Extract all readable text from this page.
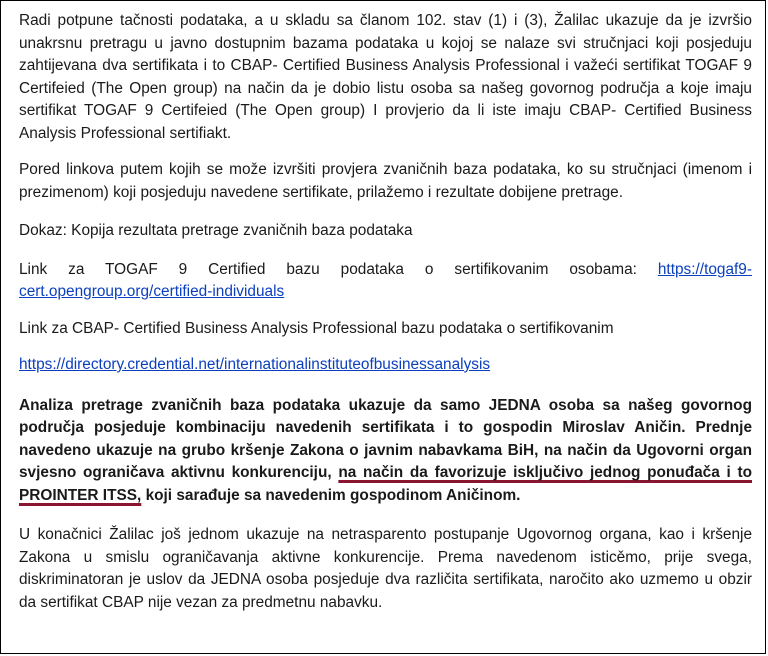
Radi potpune tačnosti podataka, a u skladu sa članom 102. stav (1) i (3), Žalilac ukazuje da je izvršio unakrsnu pretragu u javno dostupnim bazama podataka u kojoj se nalaze svi stručnjaci koji posjeduju zahtijevana dva sertifikata i to CBAP- Certified Business Analysis Professional i važeći sertifikat TOGAF 9 Certifeied (The Open group) na način da je dobio listu osoba sa našeg govornog područja a koje imaju sertifikat TOGAF 9 Certifeied (The Open group) I provjerio da li iste imaju CBAP- Certified Business Analysis Professional sertifiakt.

Pored linkova putem kojih se može izvršiti provjera zvaničnih baza podataka, ko su stručnjaci (imenom i prezimenom) koji posjeduju navedene sertifikate, prilažemo i rezultate dobijene pretrage.

Dokaz: Kopija rezultata pretrage zvaničnih baza podataka

Link za TOGAF 9 Certified bazu podataka o sertifikovanim osobama: https://togaf9-cert.opengroup.org/certified-individuals

Link za CBAP- Certified Business Analysis Professional bazu podataka o sertifikovanim

https://directory.credential.net/internationalinstituteofbusinessanalysis

Analiza pretrage zvaničnih baza podataka ukazuje da samo JEDNA osoba sa našeg govornog područja posjeduje kombinaciju navedenih sertifikata i to gospodin Miroslav Aničin. Prednje navedeno ukazuje na grubo kršenje Zakona o javnim nabavkama BiH, na način da Ugovorni organ svjesno ograničava aktivnu konkurenciju, na način da favorizuje isključivo jednog ponuđača i to PROINTER ITSS, koji sarađuje sa navedenim gospodinom Aničinom.

U konačnici Žalilac još jednom ukazuje na netrasparento postupanje Ugovornog organa, kao i kršenje Zakona u smislu ograničavanja aktivne konkurencije. Prema navedenom isticěmo, prije svega, diskriminatoran je uslov da JEDNA osoba posjeduje dva različita sertifikata, naročito ako uzmemo u obzir da sertifikat CBAP nije vezan za predmetnu nabavku.
